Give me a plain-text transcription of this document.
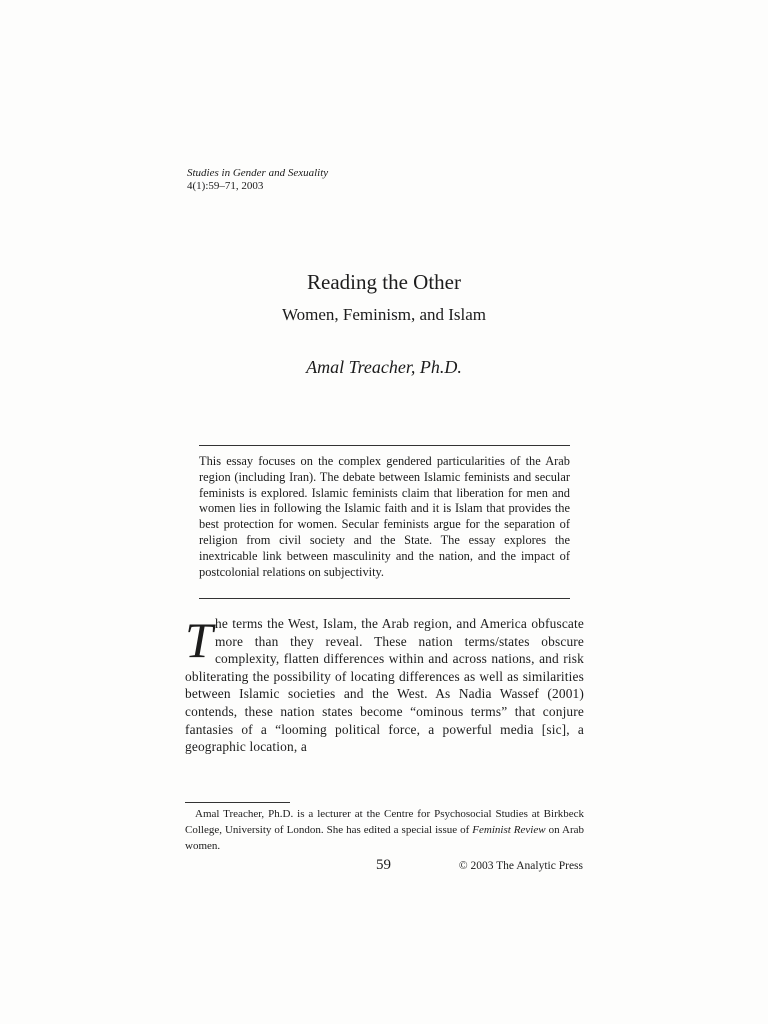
Studies in Gender and Sexuality
4(1):59–71, 2003
Reading the Other
Women, Feminism, and Islam
Amal Treacher, Ph.D.

This essay focuses on the complex gendered particularities of the Arab region (including Iran). The debate between Islamic feminists and secular feminists is explored. Islamic feminists claim that liberation for men and women lies in following the Islamic faith and it is Islam that provides the best protection for women. Secular feminists argue for the separation of religion from civil society and the State. The essay explores the inextricable link between masculinity and the nation, and the impact of postcolonial relations on subjectivity.

The terms the West, Islam, the Arab region, and America obfuscate more than they reveal. These nation terms/states obscure complexity, flatten differences within and across nations, and risk obliterating the possibility of locating differences as well as similarities between Islamic societies and the West. As Nadia Wassef (2001) contends, these nation states become “ominous terms” that conjure fantasies of a “looming political force, a powerful media [sic], a geographic location, a

Amal Treacher, Ph.D. is a lecturer at the Centre for Psychosocial Studies at Birkbeck College, University of London. She has edited a special issue of Feminist Review on Arab women.

59	© 2003 The Analytic Press
